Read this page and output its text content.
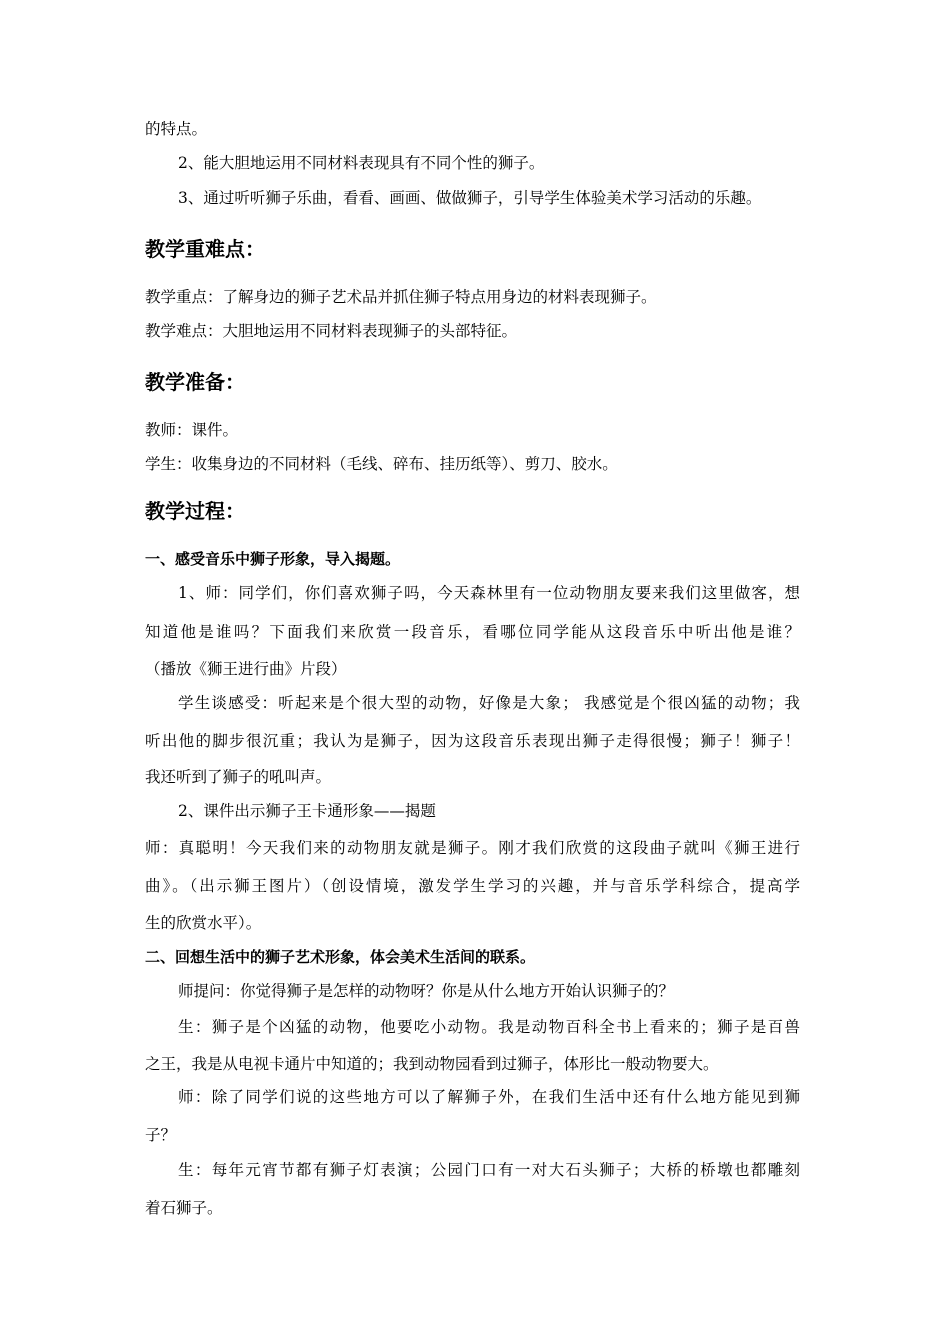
的特点。
2、能大胆地运用不同材料表现具有不同个性的狮子。
3、通过听听狮子乐曲，看看、画画、做做狮子，引导学生体验美术学习活动的乐趣。
教学重难点：
教学重点：了解身边的狮子艺术品并抓住狮子特点用身边的材料表现狮子。
教学难点：大胆地运用不同材料表现狮子的头部特征。
教学准备：
教师：课件。
学生：收集身边的不同材料（毛线、碎布、挂历纸等）、剪刀、胶水。
教学过程：
一、感受音乐中狮子形象，导入揭题。
1、师：同学们，你们喜欢狮子吗，今天森林里有一位动物朋友要来我们这里做客，想
知道他是谁吗？下面我们来欣赏一段音乐，看哪位同学能从这段音乐中听出他是谁？
（播放《狮王进行曲》片段）
学生谈感受：听起来是个很大型的动物，好像是大象； 我感觉是个很凶猛的动物；我
听出他的脚步很沉重；我认为是狮子，因为这段音乐表现出狮子走得很慢；狮子！狮子！
我还听到了狮子的吼叫声。
2、课件出示狮子王卡通形象——揭题
师：真聪明！今天我们来的动物朋友就是狮子。刚才我们欣赏的这段曲子就叫《狮王进行
曲》。（出示狮王图片）（创设情境，激发学生学习的兴趣，并与音乐学科综合，提高学
生的欣赏水平）。
二、回想生活中的狮子艺术形象，体会美术生活间的联系。
师提问：你觉得狮子是怎样的动物呀？你是从什么地方开始认识狮子的？
生：狮子是个凶猛的动物，他要吃小动物。我是动物百科全书上看来的；狮子是百兽
之王，我是从电视卡通片中知道的；我到动物园看到过狮子，体形比一般动物要大。
师：除了同学们说的这些地方可以了解狮子外，在我们生活中还有什么地方能见到狮
子？
生：每年元宵节都有狮子灯表演；公园门口有一对大石头狮子；大桥的桥墩也都雕刻
着石狮子。
